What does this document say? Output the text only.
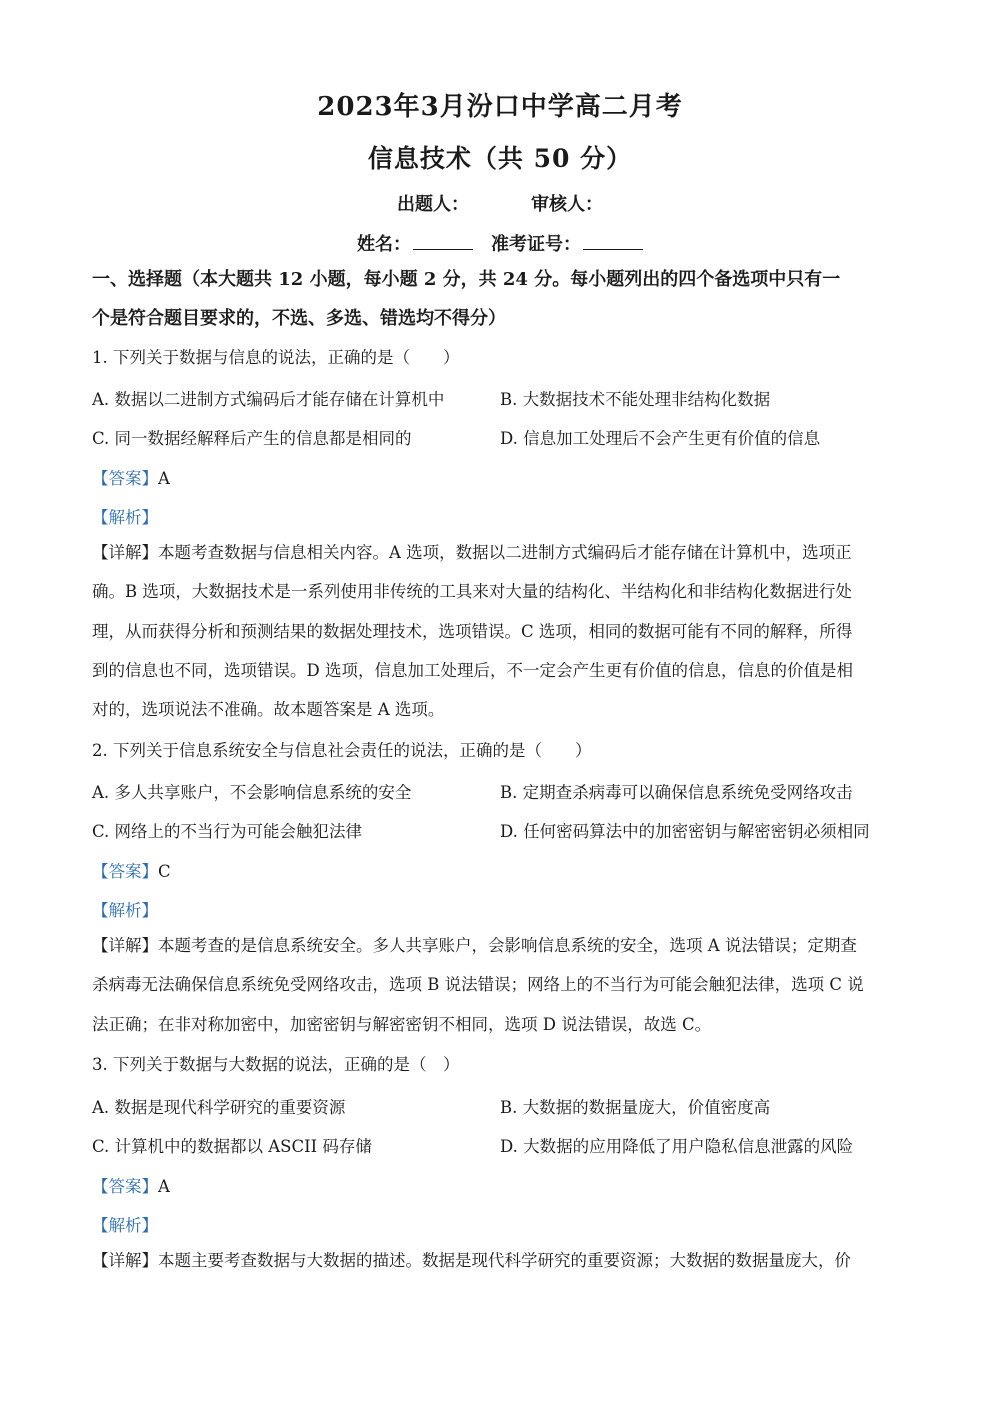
2023年3月汾口中学高二月考
信息技术（共 50 分）
出题人：	审核人：
姓名：	准考证号：
一、选择题（本大题共 12 小题，每小题 2 分，共 24 分。每小题列出的四个备选项中只有一
个是符合题目要求的，不选、多选、错选均不得分）
1. 下列关于数据与信息的说法，正确的是（　　）
A. 数据以二进制方式编码后才能存储在计算机中	B. 大数据技术不能处理非结构化数据
C. 同一数据经解释后产生的信息都是相同的	D. 信息加工处理后不会产生更有价值的信息
【答案】A
【解析】
【详解】本题考查数据与信息相关内容。A 选项，数据以二进制方式编码后才能存储在计算机中，选项正
确。B 选项，大数据技术是一系列使用非传统的工具来对大量的结构化、半结构化和非结构化数据进行处
理，从而获得分析和预测结果的数据处理技术，选项错误。C 选项，相同的数据可能有不同的解释，所得
到的信息也不同，选项错误。D 选项，信息加工处理后，不一定会产生更有价值的信息，信息的价值是相
对的，选项说法不准确。故本题答案是 A 选项。
2. 下列关于信息系统安全与信息社会责任的说法，正确的是（　　）
A. 多人共享账户，不会影响信息系统的安全	B. 定期查杀病毒可以确保信息系统免受网络攻击
C. 网络上的不当行为可能会触犯法律	D. 任何密码算法中的加密密钥与解密密钥必须相同
【答案】C
【解析】
【详解】本题考查的是信息系统安全。多人共享账户，会影响信息系统的安全，选项 A 说法错误；定期查
杀病毒无法确保信息系统免受网络攻击，选项 B 说法错误；网络上的不当行为可能会触犯法律，选项 C 说
法正确；在非对称加密中，加密密钥与解密密钥不相同，选项 D 说法错误，故选 C。
3. 下列关于数据与大数据的说法，正确的是（　）
A. 数据是现代科学研究的重要资源	B. 大数据的数据量庞大，价值密度高
C. 计算机中的数据都以 ASCII 码存储	D. 大数据的应用降低了用户隐私信息泄露的风险
【答案】A
【解析】
【详解】本题主要考查数据与大数据的描述。数据是现代科学研究的重要资源；大数据的数据量庞大，价
